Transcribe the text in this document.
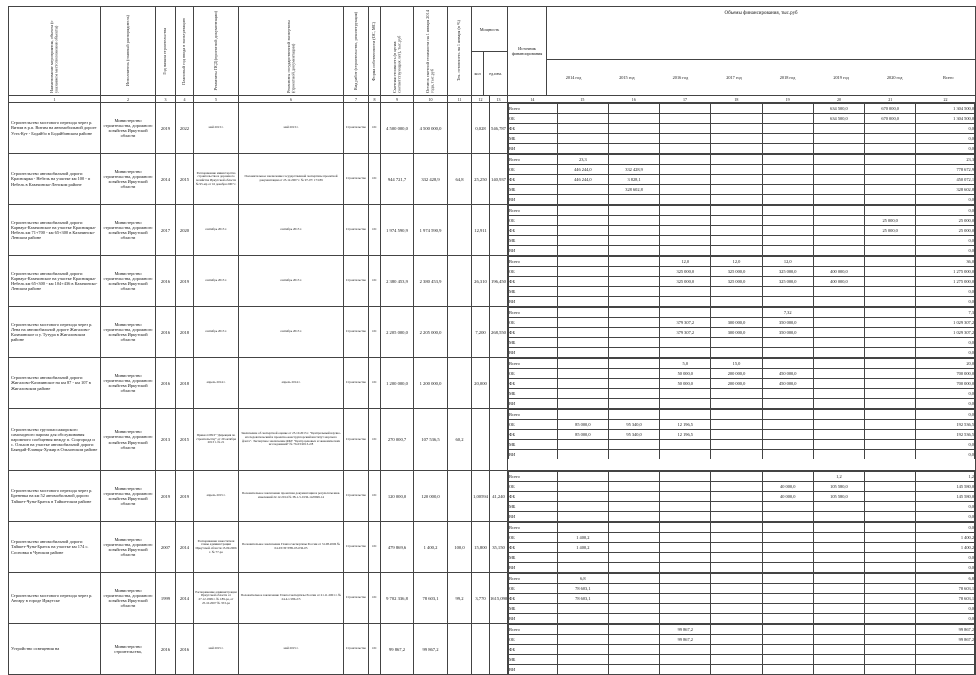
Наименование мероприятия, объекта (с указанием местоположения объекта)	Исполнитель (главный распорядитель)	Год начала строительства	Плановый год ввода в эксплуатацию	Реквизиты ПСД (проектной документации)	Реквизиты государственной экспертизы (проектной документации)	Вид работ (строительство, реконструкция)	Форма собственности (ОС, МС)	Сметная стоимость (в ценах соответствующих лет), тыс.руб	Остаток сметной стоимости на 1 января 2014 года, тыс.руб	Тех. готовность на 1 января (в %)
		Мощность
кол	ед.изм.

Источник финансирования	Объемы финансирования, тыс.руб
2014 год	2015 год	2016 год	2017 год	2018 год	2019 год	2020 год	Всего

1	2	3	4	5	6	7	8	9	10	11	12	13		14	15	16	17	18	19	20	21	22

Строительство мостового перехода через р. Витим в р.п. Витим на автомобильной дороге Усть-Кут - Бодайбо в Бодайбинском районе	Министерство строительства, дорожного хозяйства Иркутской области	2019	2022	май 2013 г.	май 2013 г.	Строительство	ОС	4 500 000,0	4 500 000,0		0,028	546,787	
Всего						634 500,0	670 000,0	1 304 500,0
ОБ						634 500,0	670 000,0	1 304 500,0
ФБ								0,0
МБ								0,0
ВИ								0,0

Строительство автомобильной дороги Красноярка - Небель на участке км 100 - п Небель в Казачинско-Ленском районе	Министерство строительства, дорожного хозяйства Иркутской области	2014	2015	Распоряжение министерства строительства и дорожного хозяйства Иркутской области № 95-мр от 16 декабря 2007 г.	Положительное заключение государственной экспертизы проектной документации от 25.12.2007 г. № 97-07/ 17/189	Строительство	ОС	944 721,7	332 428,9	64,8	25,250	140,937	
Всего	23,3							23,3
ОБ	446 244,0	332 428,9						778 672,9
ФБ	446 244,0	3 828,1						450 072,1
МБ		328 602,8						328 602,8
ВИ								0,0

Строительство автомобильной дороги Карнаул-Казачинское на участке Красноярка-Небель км 71+700 - км 65+300 в Казачинско-Ленском районе	Министерство строительства, дорожного хозяйства Иркутской области	2017	2020	сентябрь 2013 г.	сентябрь 2013 г.	Строительство	ОС	1 974 590,9	1 974 590,9		12,911		
Всего								0,0
ОБ							25 000,0	25 000,0
ФБ							25 000,0	25 000,0
МБ								0,0
ВИ								0,0

Строительство автомобильной дороги Карнаул-Казачинское на участке Красноярка-Небель км 65+300 - км 104+436 в Казачинско-Ленском районе	Министерство строительства, дорожного хозяйства Иркутской области	2016	2019	сентябрь 2013 г.	сентябрь 2013 г.	Строительство	ОС	2 380 453,9	2 380 453,9		26,310	196,450	
Всего			12,0	12,0	12,0			36,0
ОБ			325 000,0	325 000,0	325 000,0	400 000,0		1 275 000,0
ФБ			325 000,0	325 000,0	325 000,0	400 000,0		1 275 000,0
МБ								0,0
ВИ								0,0

Строительство мостового перехода через р. Лена на автомобильной дороге Жигалово-Казачинское и у. Тутура в Жигаловском районе	Министерство строительства, дорожного хозяйства Иркутской области	2016	2018	сентябрь 2013 г.	сентябрь 2013 г.	Строительство	ОС	2 205 000,0	2 205 000,0		7,200	268,550	
Всего					7,32			7,3
ОБ			379 307,2	300 000,0	350 000,0			1 029 307,2
ФБ			379 307,2	300 000,0	350 000,0			1 029 307,2
МБ								0,0
ВИ								0,0

Строительство автомобильной дороги Жигалово-Казачинское на км 87 - км 107 в Жигаловском районе	Министерство строительства, дорожного хозяйства Иркутской области	2016	2018	апрель 2014 г.	апрель 2014 г.	Строительство	ОС	1 200 000,0	1 200 000,0		20,000		
Всего			5,0	15,0				20,0
ОБ			50 000,0	200 000,0	450 000,0			700 000,0
ФБ			50 000,0	200 000,0	450 000,0			700 000,0
МБ								0,0
ВИ								0,0

Строительство грузопассажирского самоходного парома для обслуживания паромного сообщения между п. Соцгорода и с. Ольхон на участке автомобильной дороги Баяндай-Еланцы-Хужир в Ольхонском районе	Министерство строительства, дорожного хозяйства Иркутской области	2013	2015	Приказ ОГКУ "Дирекция по строительству" от 29 октября 2013 г. № 21	Заключение об экспертной оценке от 25.10.2013 г. "Центральный научно-исследовательский и проектно-конструкторский институт морского флота". Экспертное заключение ФКУ "Центр ценовых и экономических исследований" № 76-03/2013-2/8	Строительство	ОС	270 000,7	107 536,5	60,2			
Всего								0,0
ОБ	85 000,0	95 340,0	12 196,5					192 536,5
ФБ	85 000,0	95 340,0	12 196,5					192 536,5
МБ								0,0
ВИ								0,0

Строительство мостового перехода через р. Бреневка на км 52 автомобильной дороги Тайшет-Чуна-Братск в Тайшетском районе	Министерство строительства, дорожного хозяйства Иркутской области	2019	2019	апрель 2015 г.	Положительное заключение проектная документация и результаты инж. изысканий 22.12.2014 № 38-1-5-0136-14/0699-14	Строительство	ОС	120 000,0	120 000,0		1,00594	41,240	
Всего						1,2		1,2
ОБ					40 000,0	105 580,0		145 580,0
ФБ					40 000,0	105 580,0		145 580,0
МБ								0,0
ВИ								0,0

Строительство автомобильной дороги Тайшет-Чуна-Братск на участке км 174 с. Сосновка в Чунском районе	Министерство строительства, дорожного хозяйства Иркутской области	2007	2014	Распоряжение заместителя главы администрации Иркутской области 15.09.2006 г. № 77-ра	Положительное заключение Главгосэкспертизы России от 31.08.2006 № 04-03/ЭГ/ГРБ-03-036-05	Строительство	ОС	479 869,6	1 400,2	100,0	15,800	35,150	
Всего								0,0
ОБ	1 400,2							1 400,2
ФБ	1 400,2							1 400,2
МБ								0,0
ВИ								0,0

Строительство мостового перехода через р. Ангару в городе Иркутске	Министерство строительства, дорожного хозяйства Иркутской области	1999	2014	Распоряжение администрации Иркутской области от 27.12.1999 г. № 189-ра, от 25.10.2007 № 353-ра	Положительное заключение Главгосэкспертизы России от 21.11.2001 г. № 24-4.1/186-2/5	Строительство	ОС	9 702 336,8	78 603,1	99,2	3,770	1615,090	
Всего	6,8							6,8
ОБ	78 603,1							78 603,1
ФБ	78 603,1							78 603,1
МБ								0,0
ВИ								0,0

Устройство освещения на	Министерство строительства,	2016	2016	май 2015 г.	май 2015 г.	Строительство	ОС	99 867,2	99 867,2				
Всего			99 867,2					99 867,2
ОБ			99 867,2					99 867,2
ФБ								
МБ								
ВИ								
